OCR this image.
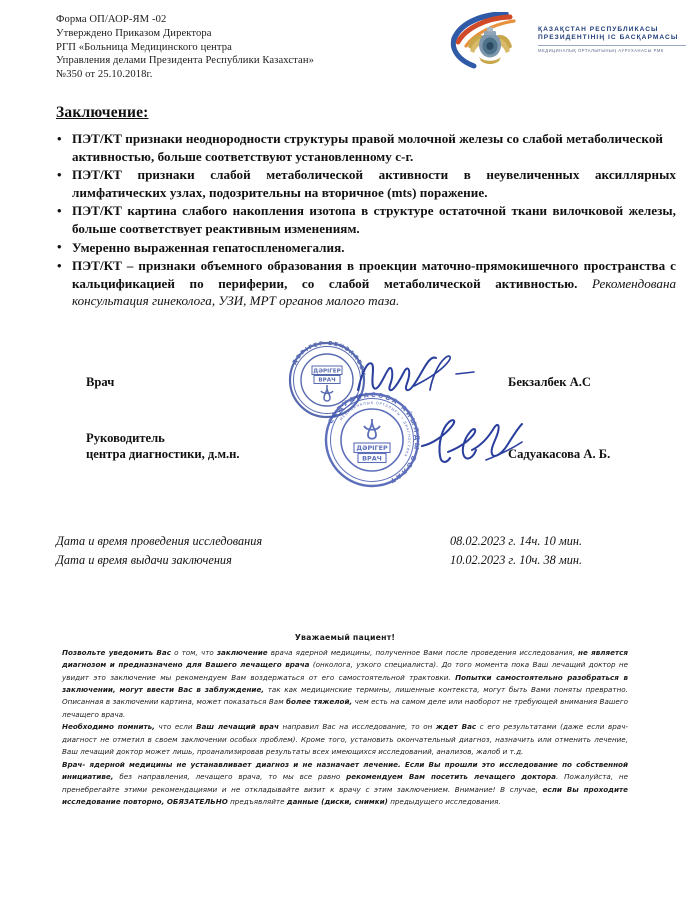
Форма ОП/АОР-ЯМ -02
Утверждено Приказом Директора
РГП «Больница Медицинского центра
Управления делами Президента Республики Казахстан»
№350 от 25.10.2018г.
ҚАЗАҚСТАН РЕСПУБЛИКАСЫ
ПРЕЗИДЕНТІНІҢ ІС БАСҚАРМАСЫ
МЕДИЦИНАЛЫҚ ОРТАЛЫҒЫНЫҢ АУРУХАНАСЫ РМК
Заключение:
• ПЭТ/КТ признаки неоднородности структуры правой молочной железы со слабой метаболической активностью, больше соответствуют установленному с-г.
• ПЭТ/КТ признаки слабой метаболической активности в неувеличенных аксиллярных лимфатических узлах, подозрительны на вторичное (mts) поражение.
• ПЭТ/КТ картина слабого накопления изотопа в структуре остаточной ткани вилочковой железы, больше соответствует реактивным изменениям.
• Умеренно выраженная гепатоспленомегалия.
• ПЭТ/КТ – признаки объемного образования в проекции маточно-прямокишечного пространства с кальцификацией по периферии, со слабой метаболической активностью. Рекомендована консультация гинеколога, УЗИ, МРТ органов малого таза.
Врач
Руководитель
центра диагностики, д.м.н.
Бекзалбек А.С
Садуакасова А. Б.
ДӘРІГЕР БЕКЗАЛБЕК
ДӘРІГЕР
ВРАЧ
САДУАКАСОВА АЙЫЛДЫ БОЛАТ
МЕДИЦИНАЛЫҚ ОРТАЛЫҒЫ • ДИАГНОСТИКА
ДӘРІГЕР
ВРАЧ
Дата и время проведения исследования	08.02.2023 г. 14ч. 10 мин.
Дата и время выдачи заключения	10.02.2023 г. 10ч. 38 мин.
Уважаемый пациент!

Позвольте уведомить Вас о том, что заключение врача ядерной медицины, полученное Вами после проведения исследования, не является диагнозом и предназначено для Вашего лечащего врача (онколога, узкого специалиста). До того момента пока Ваш лечащий доктор не увидит это заключение мы рекомендуем Вам воздержаться от его самостоятельной трактовки. Попытки самостоятельно разобраться в заключении, могут ввести Вас в заблуждение, так как медицинские термины, лишенные контекста, могут быть Вами поняты превратно. Описанная в заключении картина, может показаться Вам более тяжелой, чем есть на самом деле или наоборот не требующей внимания Вашего лечащего врача.

Необходимо помнить, что если Ваш лечащий врач направил Вас на исследование, то он ждет Вас с его результатами (даже если врач-диагност не отметил в своем заключении особых проблем). Кроме того, установить окончательный диагноз, назначить или отменить лечение, Ваш лечащий доктор может лишь, проанализировав результаты всех имеющихся исследований, анализов, жалоб и т.д.

Врач- ядерной медицины не устанавливает диагноз и не назначает лечение. Если Вы прошли это исследование по собственной инициативе, без направления, лечащего врача, то мы все равно рекомендуем Вам посетить лечащего доктора. Пожалуйста, не пренебрегайте этими рекомендациями и не откладывайте визит к врачу с этим заключением. Внимание! В случае, если Вы проходите исследование повторно, ОБЯЗАТЕЛЬНО предъявляйте данные (диски, снимки) предыдущего исследования.
